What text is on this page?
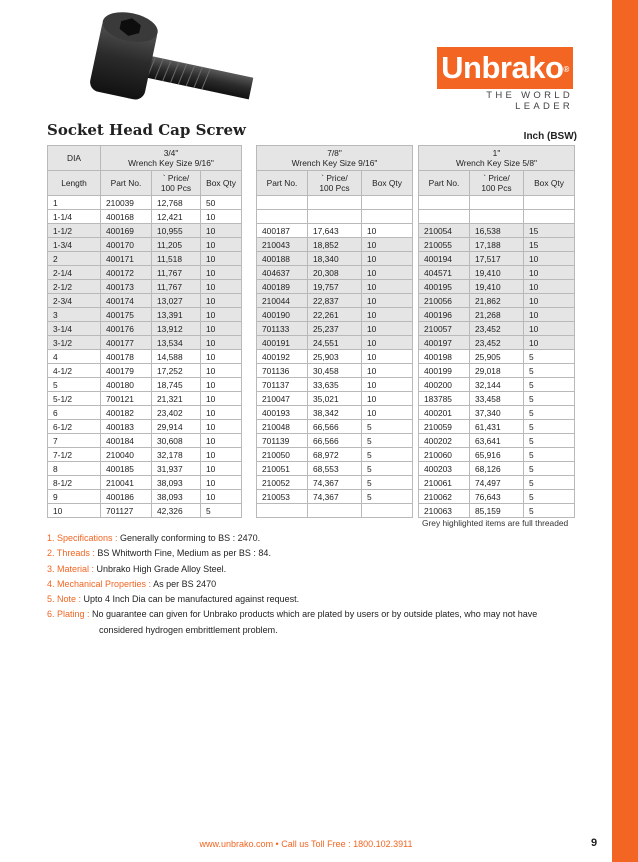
Unbrako®
THE WORLD LEADER
Socket Head Cap Screw	Inch (BSW)
DIA	3/4"
Wrench Key Size 9/16"		
Length	Part No.	` Price/
100 Pcs	Box Qty
1	210039	12,768	50
1-1/4	400168	12,421	10
1-1/2	400169	10,955	10
1-3/4	400170	11,205	10
2	400171	11,518	10
2-1/4	400172	11,767	10
2-1/2	400173	11,767	10
2-3/4	400174	13,027	10
3	400175	13,391	10
3-1/4	400176	13,912	10
3-1/2	400177	13,534	10
4	400178	14,588	10
4-1/2	400179	17,252	10
5	400180	18,745	10
5-1/2	700121	21,321	10
6	400182	23,402	10
6-1/2	400183	29,914	10
7	400184	30,608	10
7-1/2	210040	32,178	10
8	400185	31,937	10
8-1/2	210041	38,093	10
9	400186	38,093	10
10	701127	42,326	5
7/8"
Wrench Key Size 9/16"		
Part No.	` Price/
100 Pcs	Box Qty

400187	17,643	10
210043	18,852	10
400188	18,340	10
404637	20,308	10
400189	19,757	10
210044	22,837	10
400190	22,261	10
701133	25,237	10
400191	24,551	10
400192	25,903	10
701136	30,458	10
701137	33,635	10
210047	35,021	10
400193	38,342	10
210048	66,566	5
701139	66,566	5
210050	68,972	5
210051	68,553	5
210052	74,367	5
210053	74,367	5

1"
Wrench Key Size 5/8"		
Part No.	` Price/
100 Pcs	Box Qty

210054	16,538	15
210055	17,188	15
400194	17,517	10
404571	19,410	10
400195	19,410	10
210056	21,862	10
400196	21,268	10
210057	23,452	10
400197	23,452	10
400198	25,905	5
400199	29,018	5
400200	32,144	5
183785	33,458	5
400201	37,340	5
210059	61,431	5
400202	63,641	5
210060	65,916	5
400203	68,126	5
210061	74,497	5
210062	76,643	5
210063	85,159	5
Grey highlighted items are full threaded
1. Specifications : Generally conforming to BS : 2470.
2. Threads : BS Whitworth Fine, Medium as per BS : 84.
3. Material : Unbrako High Grade Alloy Steel.
4. Mechanical Properties : As per BS 2470
5. Note : Upto 4 Inch Dia can be manufactured against request.
6. Plating : No guarantee can given for Unbrako products which are plated by users or by outside plates, who may not have
considered hydrogen embrittlement problem.
www.unbrako.com • Call us Toll Free : 1800.102.3911	9
